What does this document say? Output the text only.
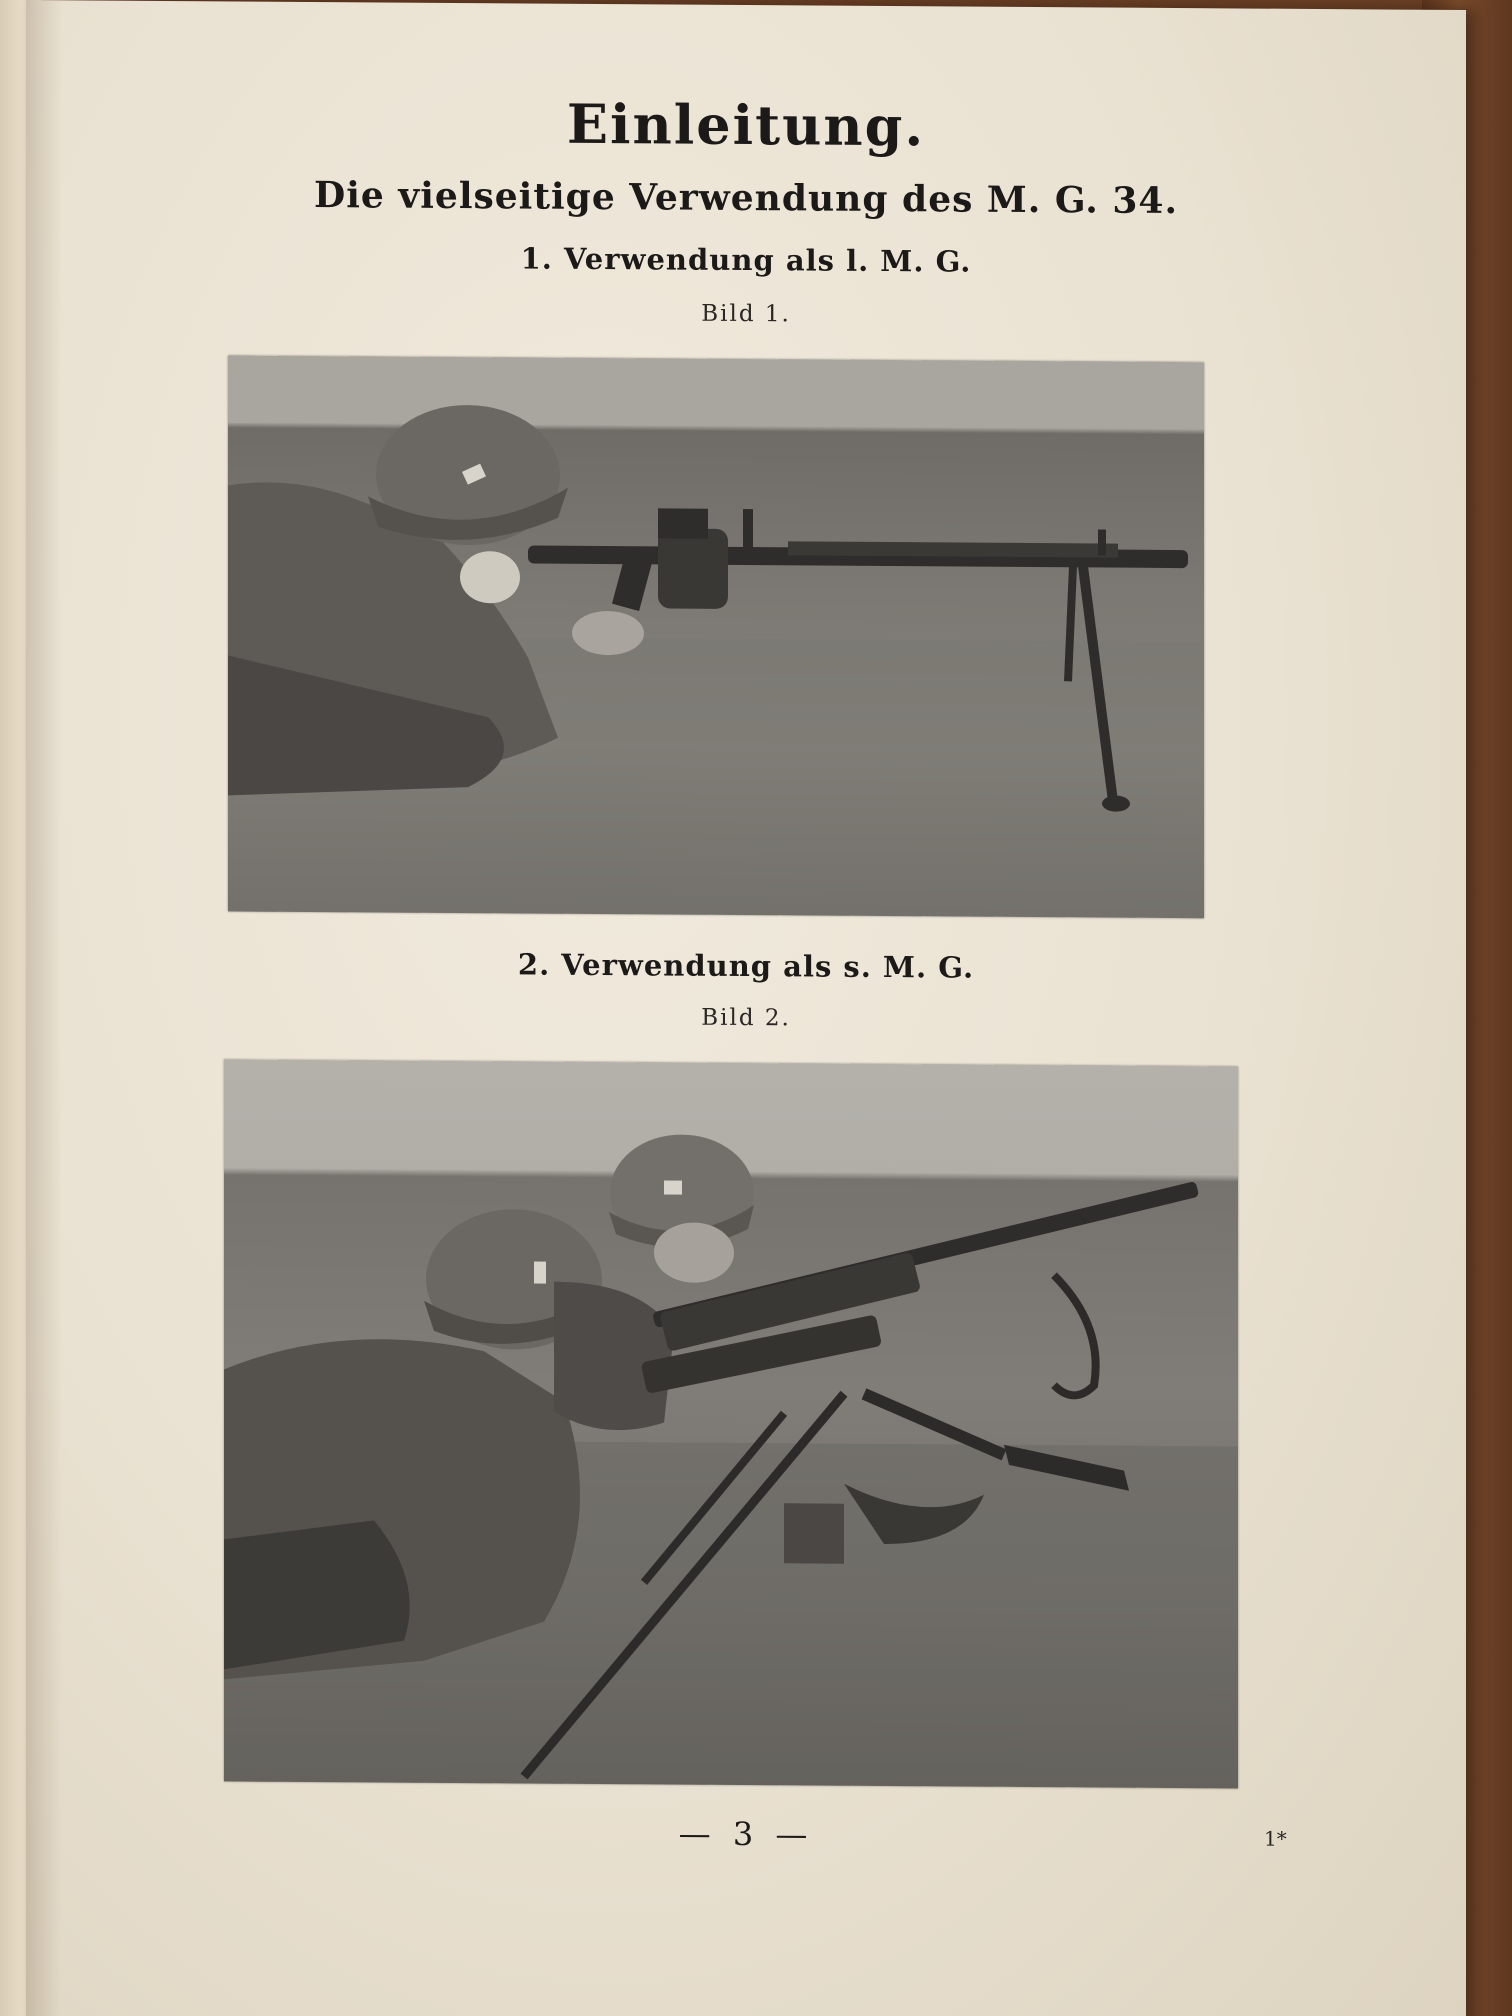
Einleitung.
Die vielseitige Verwendung des M. G. 34.
1. Verwendung als l. M. G.
Bild 1.
2. Verwendung als s. M. G.
Bild 2.
— 3 —	1*
